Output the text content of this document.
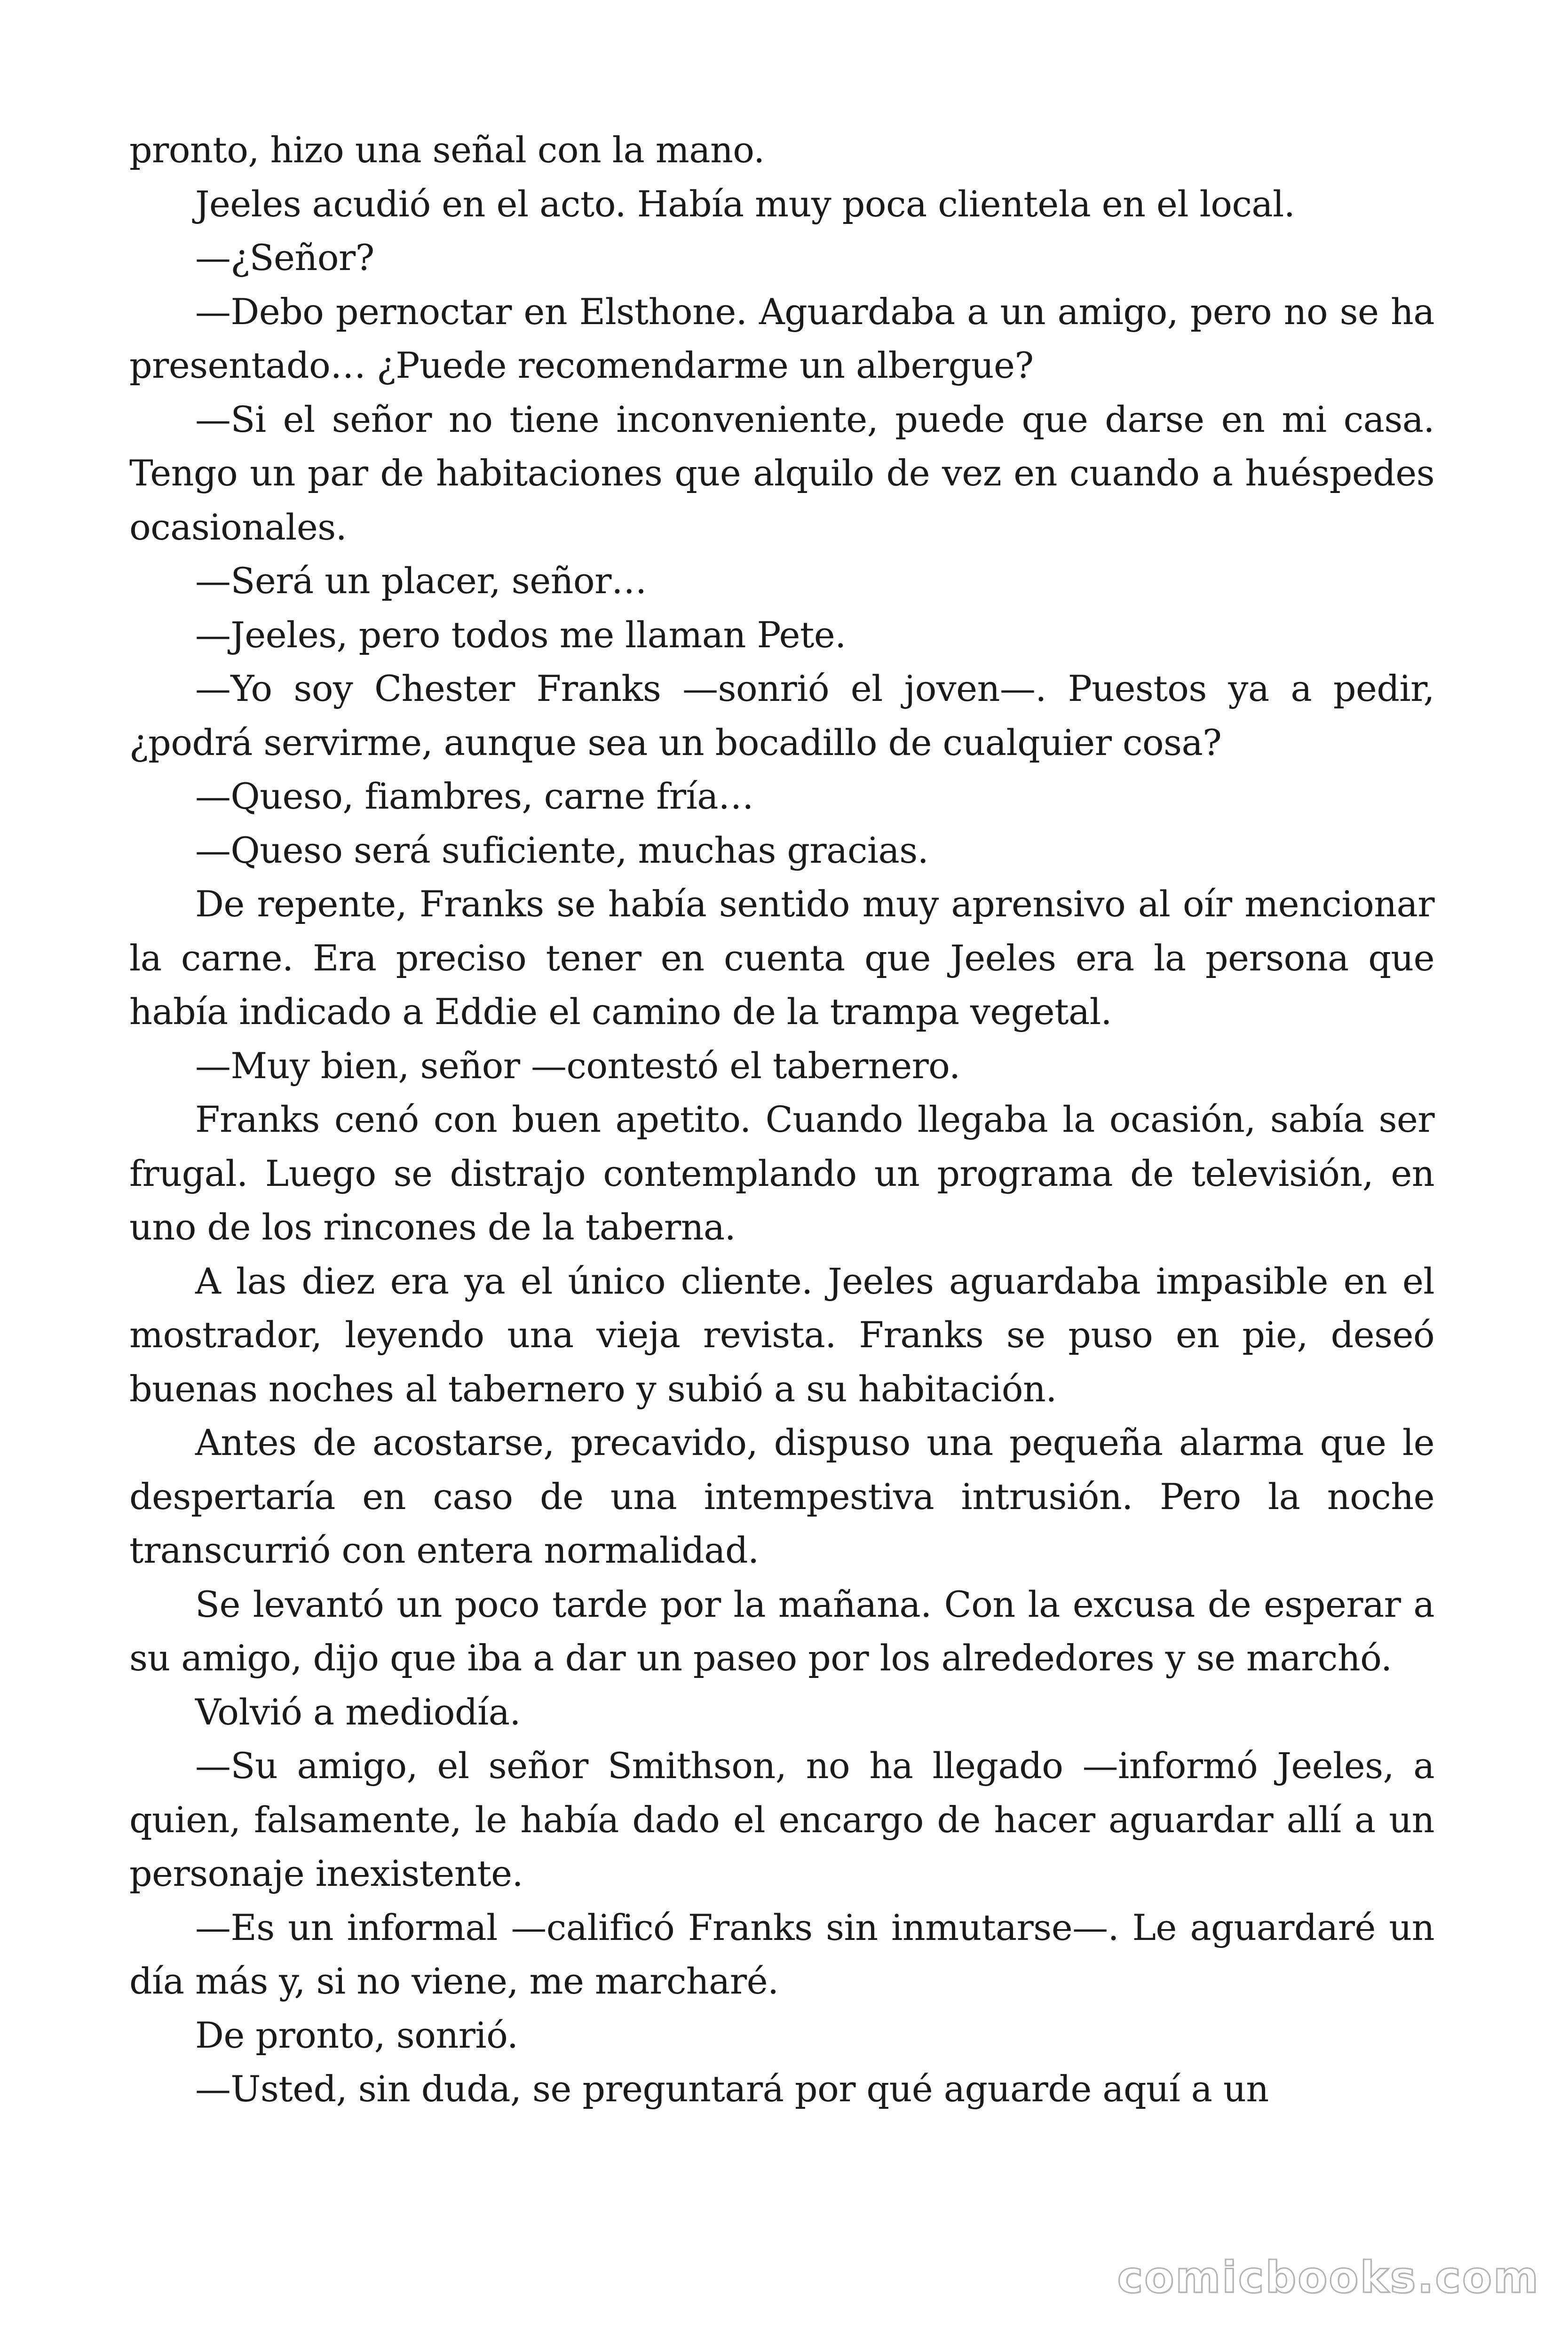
pronto, hizo una señal con la mano.

Jeeles acudió en el acto. Había muy poca clientela en el local.

—¿Señor?

—Debo pernoctar en Elsthone. Aguardaba a un amigo, pero no se ha presentado… ¿Puede recomendarme un albergue?

—Si el señor no tiene inconveniente, puede que darse en mi casa. Tengo un par de habitaciones que alquilo de vez en cuando a huéspedes ocasionales.

—Será un placer, señor…

—Jeeles, pero todos me llaman Pete.

—Yo soy Chester Franks —sonrió el joven—. Puestos ya a pedir, ¿podrá servirme, aunque sea un bocadillo de cualquier cosa?

—Queso, fiambres, carne fría…

—Queso será suficiente, muchas gracias.

De repente, Franks se había sentido muy aprensivo al oír mencionar la carne. Era preciso tener en cuenta que Jeeles era la persona que había indicado a Eddie el camino de la trampa vegetal.

—Muy bien, señor —contestó el tabernero.

Franks cenó con buen apetito. Cuando llegaba la ocasión, sabía ser frugal. Luego se distrajo contemplando un programa de televisión, en uno de los rincones de la taberna.

A las diez era ya el único cliente. Jeeles aguardaba impasible en el mostrador, leyendo una vieja revista. Franks se puso en pie, deseó buenas noches al tabernero y subió a su habitación.

Antes de acostarse, precavido, dispuso una pequeña alarma que le despertaría en caso de una intempestiva intrusión. Pero la noche transcurrió con entera normalidad.

Se levantó un poco tarde por la mañana. Con la excusa de esperar a su amigo, dijo que iba a dar un paseo por los alrededores y se marchó.

Volvió a mediodía.

—Su amigo, el señor Smithson, no ha llegado —informó Jeeles, a quien, falsamente, le había dado el encargo de hacer aguardar allí a un personaje inexistente.

—Es un informal —calificó Franks sin inmutarse—. Le aguardaré un día más y, si no viene, me marcharé.

De pronto, sonrió.

—Usted, sin duda, se preguntará por qué aguarde aquí a un

comicbooks.com
